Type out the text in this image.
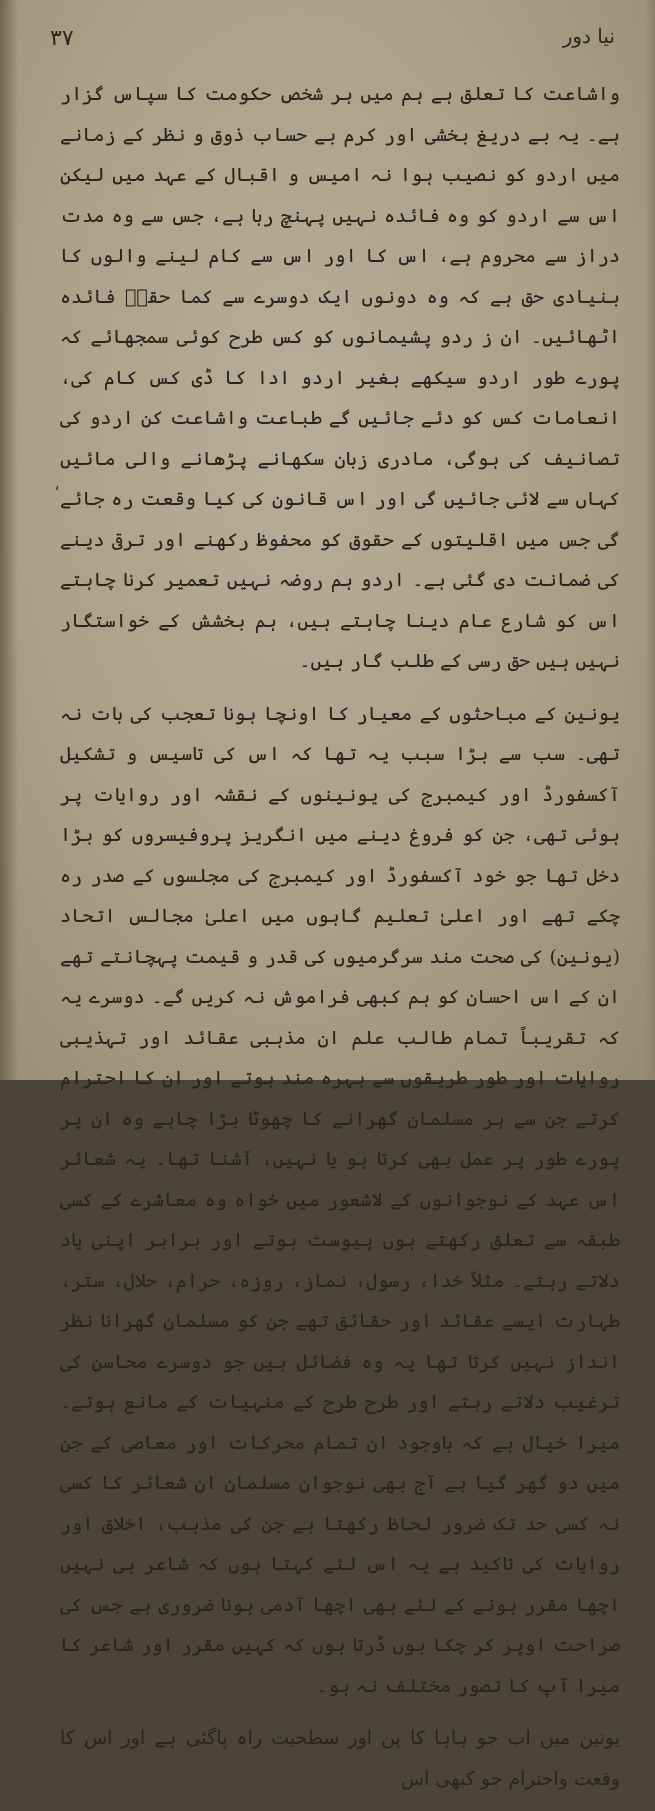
۳۷	نیا دور

واشاعت کا تعلق ہے ہم میں ہر شخص حکومت کا سپاس گزار ہے۔ یہ بے دریغ بخشی اور کرم بے حساب ذوق و نظر کے زمانے میں اردو کو نصیب ہوا نہ امیس و اقبال کے عہد میں لیکن اس سے اردو کو وہ فائدہ نہیں پہنچ رہا ہے، جس سے وہ مدت دراز سے محروم ہے، اس کا اور اس سے کام لینے والوں کا بنیادی حق ہے کہ وہ دونوں ایک دوسرے سے کما حقہٗ فائدہ اٹھائیں۔ ان ز ردو پشیمانوں کو کس طرح کوئی سمجھائے کہ پورے طور اردو سیکھے بغیر اردو ادا کا ڈی کس کام کی، انعامات کس کو دئے جائیں گے طباعت واشاعت کن اردو کی تصانیف کی ہوگی، مادری زبان سکھانے پڑھانے والی مائیں کہاں سے لائی جائیں گی اور اس قانون کی کیا وقعت رہ جائے گی جس میں اقلیتوں کے حقوق کو محفوظ رکھنے اور ترقی دینے کی ضمانت دی گئی ہے۔ اردو ہم روضہ نہیں تعمیر کرنا چاہتے اس کو شارع عام دینا چاہتے ہیں، ہم بخشش کے خواستگار نہیں ہیں حق رسی کے طلب گار ہیں۔

یونین کے مباحثوں کے معیار کا اونچا ہونا تعجب کی بات نہ تھی۔ سب سے بڑا سبب یہ تھا کہ اس کی تاسیس و تشکیل آکسفورڈ اور کیمبرج کی یونینوں کے نقشہ اور روایات پر ہوئی تھی، جن کو فروغ دینے میں انگریز پروفیسروں کو بڑا دخل تھا جو خود آکسفورڈ اور کیمبرج کی مجلسوں کے صدر رہ چکے تھے اور اعلیٰ تعلیم گاہوں میں اعلیٰ مجالس اتحاد (یونین) کی صحت مند سرگرمیوں کی قدر و قیمت پہچانتے تھے ان کے اس احسان کو ہم کبھی فراموش نہ کریں گے۔ دوسرے یہ کہ تقریباً تمام طالب علم ان مذہبی عقائد اور تہذیبی روایات اور طور طریقوں سے بہرہ مند ہوتے اور ان کا احترام کرتے جن سے ہر مسلمان گھرانے کا چھوٹا بڑا چاہے وہ ان پر پورے طور پر عمل بھی کرتا ہو یا نہیں، آشنا تھا۔ یہ شعائر اس عہد کے نوجوانوں کے لاشعور میں خواہ وہ معاشرے کے کسی طبقہ سے تعلق رکھتے ہوں پیوست ہوتے اور برابر اپنی یاد دلاتے رہتے۔ مثلاً خدا، رسول، نماز، روزہ، حرام، حلال، ستر، طہارت ایسے عقائد اور حقائق تھے جن کو مسلمان گھرانا نظر انداز نہیں کرتا تھا یہ وہ فضائل ہیں جو دوسرے محاسن کی ترغیب دلاتے رہتے اور طرح طرح کے منہیات کے مانع ہوتے۔ میرا خیال ہے کہ باوجود ان تمام محرکات اور معاصی کے جن میں دو گھر گیا ہے آج بھی نوجوان مسلمان ان شعائر کا کسی نہ کسی حد تک ضرور لحاظ رکھتا ہے جن کی مذہب، اخلاق اور روایات کی تاکید ہے یہ اس لئے کہتا ہوں کہ شاعر ہی نہیں اچھا مقرر ہونے کے لئے بھی اچھا آدمی ہونا ضروری ہے جس کی صراحت اوپر کر چکا ہوں ڈرتا ہوں کہ کہیں مقرر اور شاعر کا میرا آپ کا تصور مختلف نہ ہو۔

یونین میں اب جو ہاہا کا پن اور سطحیت راہ پاگئی ہے اور اس کا وقعت واحترام جو کبھی اس

،
